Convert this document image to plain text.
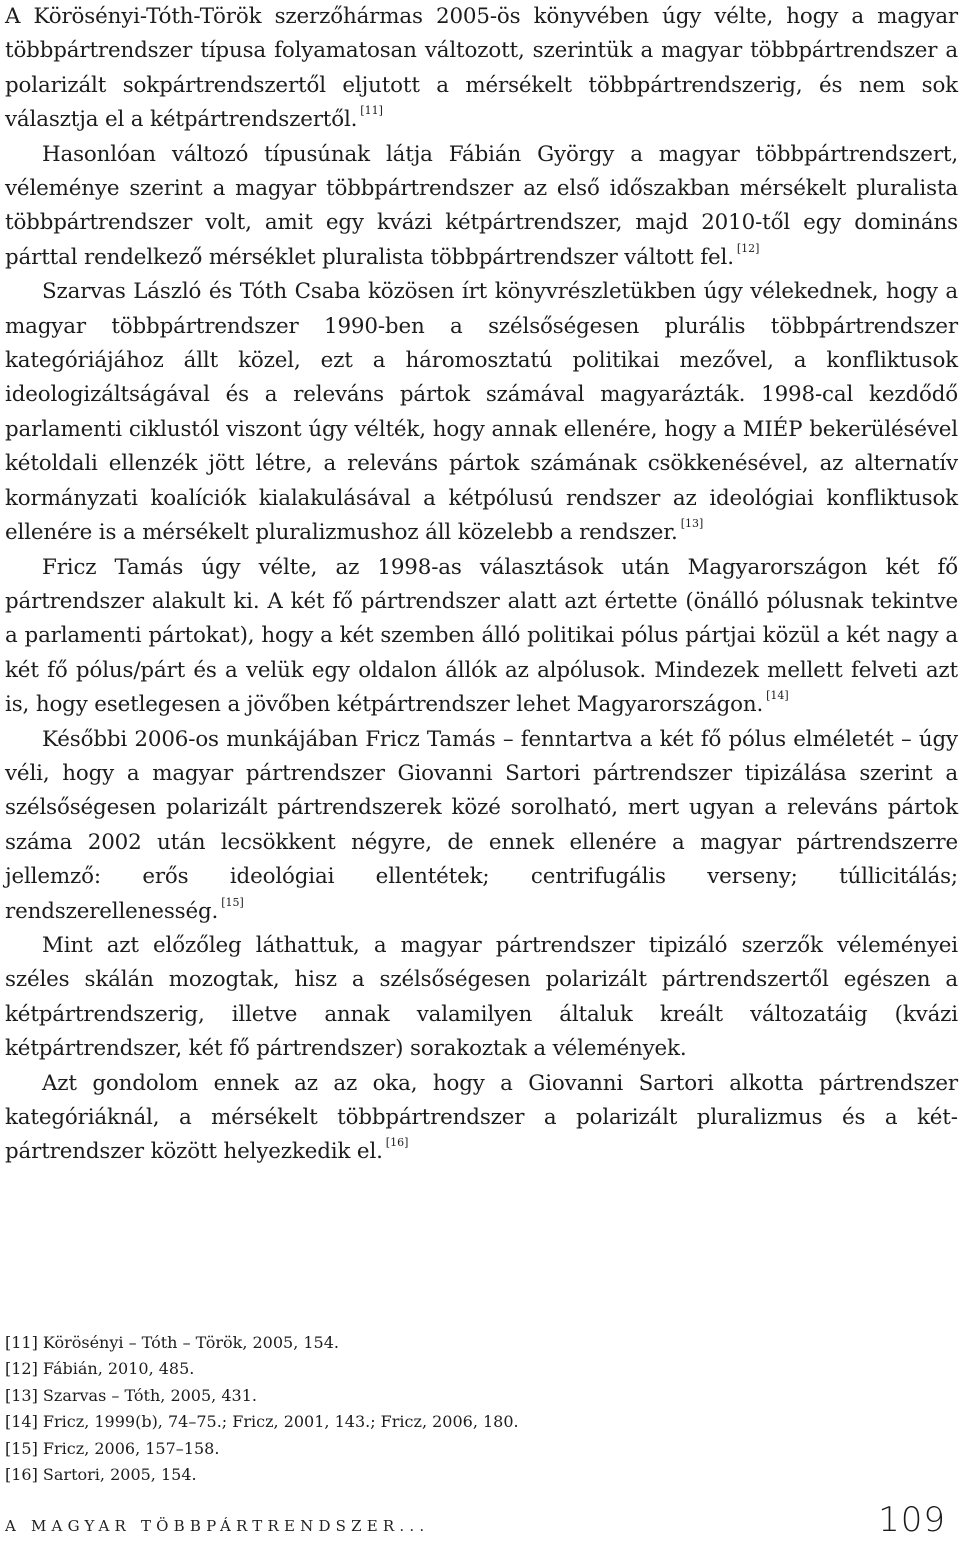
A Körösényi-Tóth-Török szerzőhármas 2005-ös könyvében úgy vélte, hogy a magyar többpártrendszer típusa folyamatosan változott, szerintük a magyar többpártrendszer a polarizált sokpártrendszertől eljutott a mérsékelt többpártrendszerig, és nem sok választja el a kétpártrendszertől. [11]

Hasonlóan változó típusúnak látja Fábián György a magyar többpártrendszert, véleménye szerint a magyar többpártrendszer az első időszakban mérsékelt pluralista többpártrendszer volt, amit egy kvázi kétpártrendszer, majd 2010-től egy domináns párttal rendelkező mérséklet pluralista többpártrendszer váltott fel. [12]

Szarvas László és Tóth Csaba közösen írt könyvrészletükben úgy vélekednek, hogy a magyar többpártrendszer 1990-ben a szélsőségesen plurális többpártrendszer kategóriájához állt közel, ezt a háromosztatú politikai mezővel, a konfliktusok ideologizáltságával és a releváns pártok számával magyarázták. 1998-cal kezdődő parlamenti ciklustól viszont úgy vélték, hogy annak ellenére, hogy a MIÉP bekerülésével kétoldali ellenzék jött létre, a releváns pártok számának csökkenésével, az alternatív kormányzati koalíciók kialakulásával a kétpólusú rendszer az ideológiai konfliktusok ellenére is a mérsékelt pluralizmushoz áll közelebb a rendszer. [13]

Fricz Tamás úgy vélte, az 1998-as választások után Magyarországon két fő pártrendszer alakult ki. A két fő pártrendszer alatt azt értette (önálló pólusnak tekintve a parlamenti pártokat), hogy a két szemben álló politikai pólus pártjai közül a két nagy a két fő pólus/párt és a velük egy oldalon állók az alpólusok. Mindezek mellett felveti azt is, hogy esetlegesen a jövőben kétpártrendszer lehet Magyarországon. [14]

Későbbi 2006-os munkájában Fricz Tamás – fenntartva a két fő pólus elméletét – úgy véli, hogy a magyar pártrendszer Giovanni Sartori pártrendszer tipizálása szerint a szélsőségesen polarizált pártrendszerek közé sorolható, mert ugyan a releváns pártok száma 2002 után lecsökkent négyre, de ennek ellenére a magyar pártrendszerre jellemző: erős ideológiai ellentétek; centrifugális verseny; túllicitálás; rendszerellenesség. [15]

Mint azt előzőleg láthattuk, a magyar pártrendszer tipizáló szerzők véleményei széles skálán mozogtak, hisz a szélsőségesen polarizált pártrendszertől egészen a kétpártrendszerig, illetve annak valamilyen általuk kreált változatáig (kvázi kétpártrendszer, két fő pártrendszer) sorakoztak a vélemények.

Azt gondolom ennek az az oka, hogy a Giovanni Sartori alkotta pártrendszer kategóriáknál, a mérsékelt többpártrendszer a polarizált pluralizmus és a kétpártrendszer között helyezkedik el. [16]

[11] Körösényi – Tóth – Török, 2005, 154.
[12] Fábián, 2010, 485.
[13] Szarvas – Tóth, 2005, 431.
[14] Fricz, 1999(b), 74–75.; Fricz, 2001, 143.; Fricz, 2006, 180.
[15] Fricz, 2006, 157–158.
[16] Sartori, 2005, 154.
A MAGYAR TÖBBPÁRTRENDSZER...	109
